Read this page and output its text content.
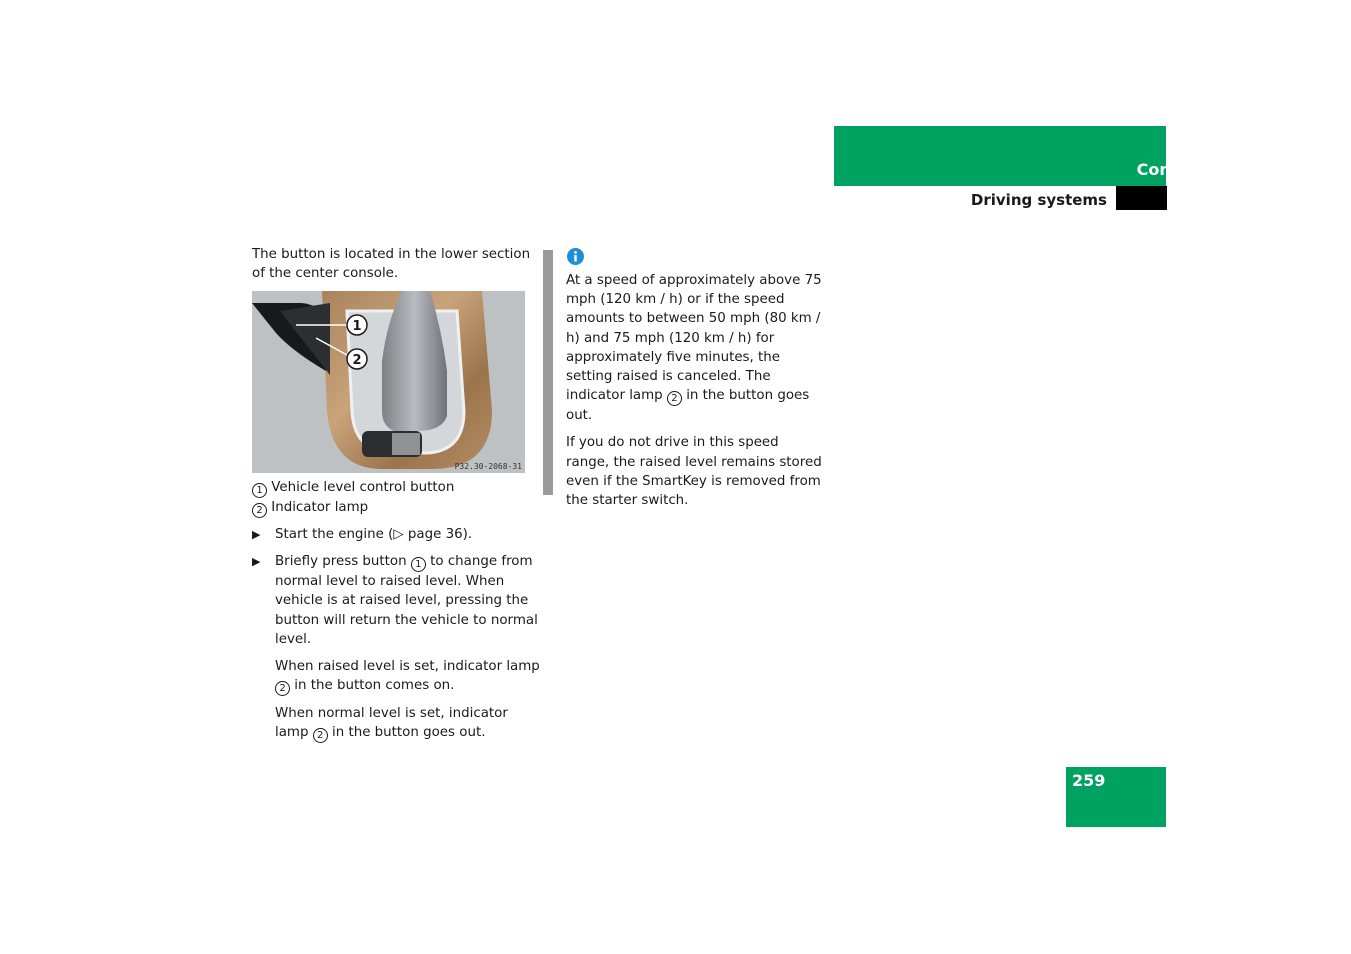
Controls in detail
Driving systems

The button is located in the lower section of the center console.

1
2
P32.30-2068-31
1 Vehicle level control button
2 Indicator lamp
▶ Start the engine (▷ page 36).
▶ Briefly press button 1 to change from normal level to raised level. When vehicle is at raised level, pressing the button will return the vehicle to normal level.
When raised level is set, indicator lamp 2 in the button comes on.
When normal level is set, indicator lamp 2 in the button goes out.

At a speed of approximately above 75 mph (120 km / h) or if the speed amounts to between 50 mph (80 km / h) and 75 mph (120 km / h) for approximately five minutes, the setting raised is canceled. The indicator lamp 2 in the button goes out.

If you do not drive in this speed range, the raised level remains stored even if the SmartKey is removed from the starter switch.

259
